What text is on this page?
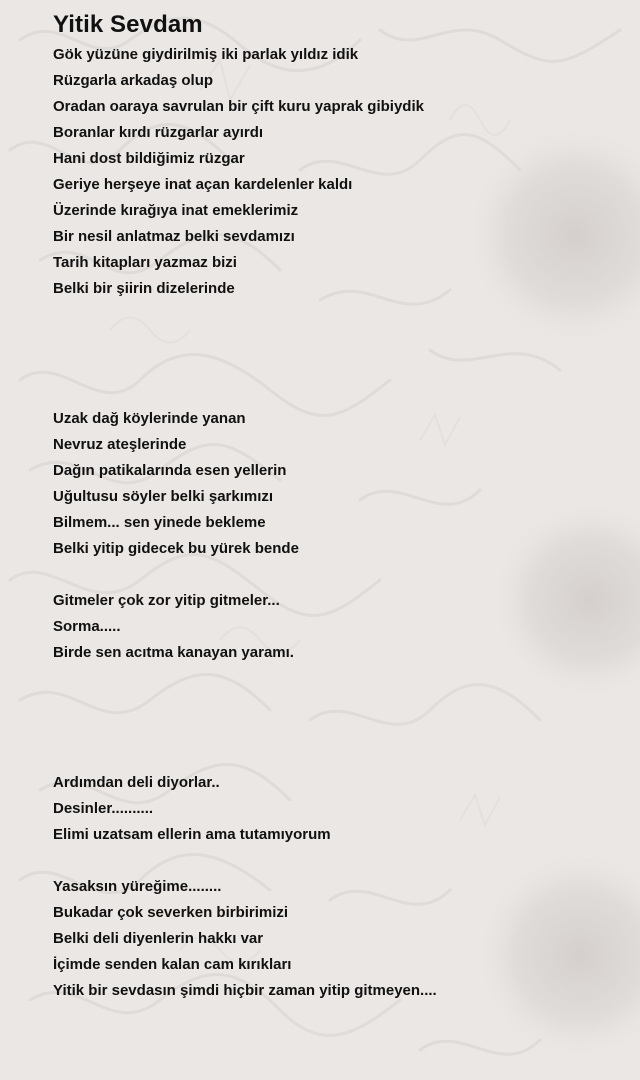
Yitik Sevdam
Gök yüzüne giydirilmiş iki parlak yıldız idik
Rüzgarla arkadaş olup
Oradan oaraya savrulan bir çift kuru yaprak gibiydik
Boranlar kırdı rüzgarlar ayırdı
Hani dost bildiğimiz rüzgar
Geriye herşeye inat açan kardelenler kaldı
Üzerinde kırağıya inat emeklerimiz
Bir nesil anlatmaz belki sevdamızı
Tarih kitapları yazmaz bizi
Belki bir şiirin dizelerinde
Uzak dağ köylerinde yanan
Nevruz ateşlerinde
Dağın patikalarında esen yellerin
Uğultusu söyler belki şarkımızı
Bilmem... sen yinede bekleme
Belki yitip gidecek bu yürek bende
Gitmeler çok zor yitip gitmeler...
Sorma.....
Birde sen acıtma kanayan yaramı.
Ardımdan deli diyorlar..
Desinler..........
Elimi uzatsam ellerin ama tutamıyorum
Yasaksın yüreğime........
Bukadar çok severken birbirimizi
Belki deli diyenlerin hakkı var
İçimde senden kalan cam kırıkları
Yitik bir sevdasın şimdi hiçbir zaman yitip gitmeyen....
